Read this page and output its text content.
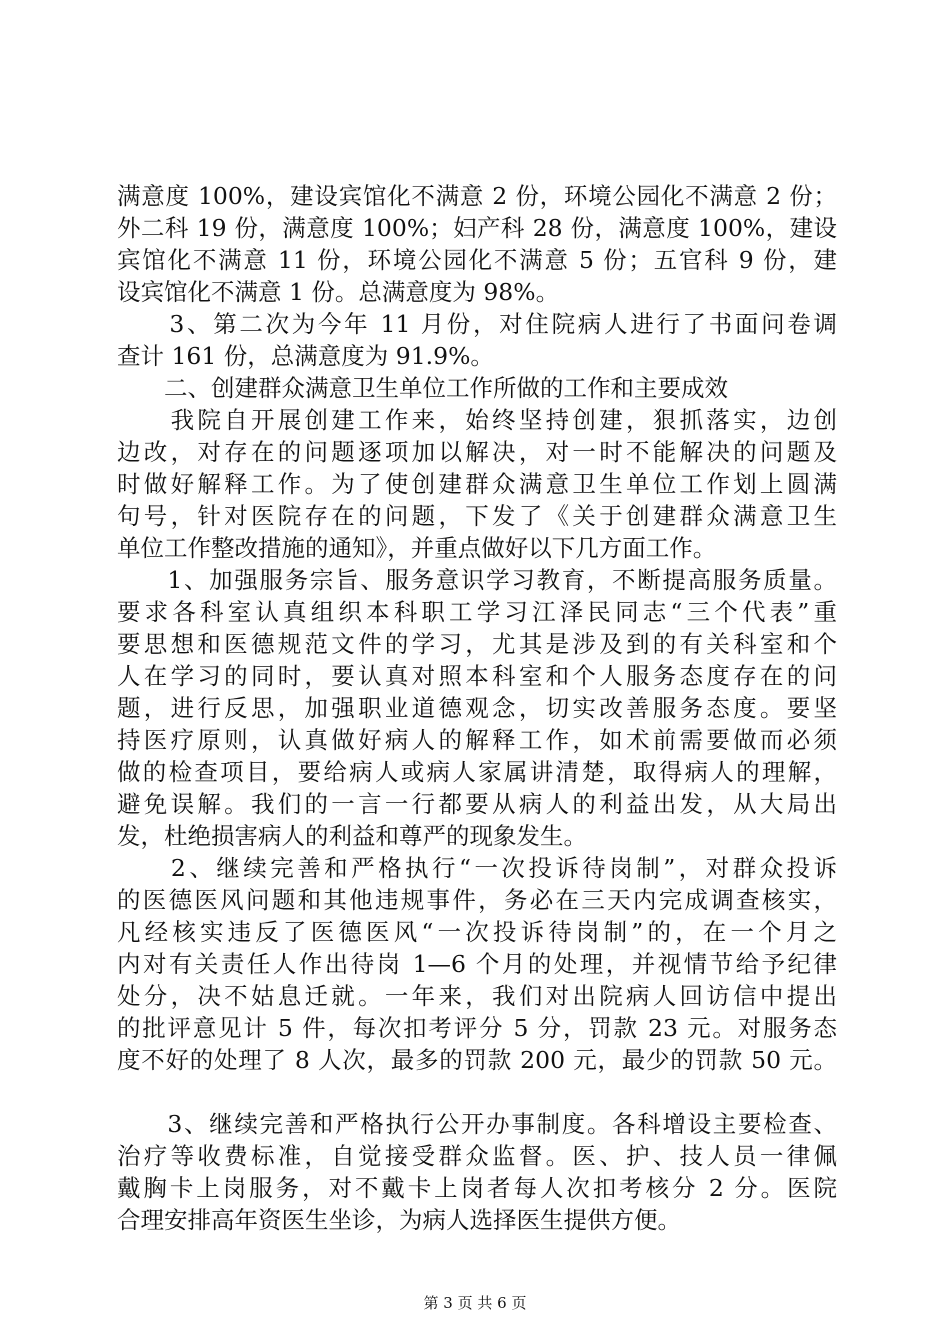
满意度 100%，建设宾馆化不满意 2 份，环境公园化不满意 2 份；
外二科 19 份，满意度 100%；妇产科 28 份，满意度 100%，建设
宾馆化不满意 11 份，环境公园化不满意 5 份；五官科 9 份，建
设宾馆化不满意 1 份。总满意度为 98%。
　　3、第二次为今年 11 月份，对住院病人进行了书面问卷调
查计 161 份，总满意度为 91.9%。
　　二、创建群众满意卫生单位工作所做的工作和主要成效
　　我院自开展创建工作来，始终坚持创建，狠抓落实，边创
边改，对存在的问题逐项加以解决，对一时不能解决的问题及
时做好解释工作。为了使创建群众满意卫生单位工作划上圆满
句号，针对医院存在的问题，下发了《关于创建群众满意卫生
单位工作整改措施的通知》，并重点做好以下几方面工作。
　　1、加强服务宗旨、服务意识学习教育，不断提高服务质量。
要求各科室认真组织本科职工学习江泽民同志“三个代表”重
要思想和医德规范文件的学习，尤其是涉及到的有关科室和个
人在学习的同时，要认真对照本科室和个人服务态度存在的问
题，进行反思，加强职业道德观念，切实改善服务态度。要坚
持医疗原则，认真做好病人的解释工作，如术前需要做而必须
做的检查项目，要给病人或病人家属讲清楚，取得病人的理解，
避免误解。我们的一言一行都要从病人的利益出发，从大局出
发，杜绝损害病人的利益和尊严的现象发生。
　　2、继续完善和严格执行“一次投诉待岗制”，对群众投诉
的医德医风问题和其他违规事件，务必在三天内完成调查核实，
凡经核实违反了医德医风“一次投诉待岗制”的，在一个月之
内对有关责任人作出待岗 1—6 个月的处理，并视情节给予纪律
处分，决不姑息迁就。一年来，我们对出院病人回访信中提出
的批评意见计 5 件，每次扣考评分 5 分，罚款 23 元。对服务态
度不好的处理了 8 人次，最多的罚款 200 元，最少的罚款 50 元。
　　3、继续完善和严格执行公开办事制度。各科增设主要检查、
治疗等收费标准，自觉接受群众监督。医、护、技人员一律佩
戴胸卡上岗服务，对不戴卡上岗者每人次扣考核分 2 分。医院
合理安排高年资医生坐诊，为病人选择医生提供方便。
第 3 页 共 6 页
